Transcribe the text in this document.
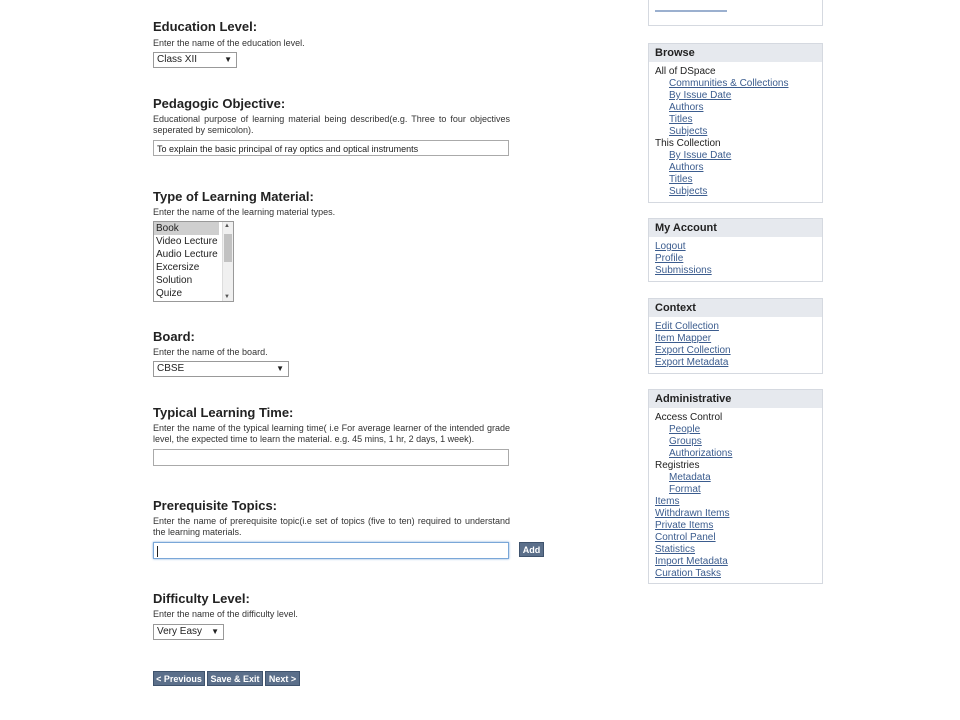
Education Level:
Enter the name of the education level.
Class XII	▼
Pedagogic Objective:
Educational purpose of learning material being described(e.g. Three to four objectives seperated by semicolon).
To explain the basic principal of ray optics and optical instruments
Type of Learning Material:
Enter the name of the learning material types.
Book
Video Lecture
Audio Lecture
Excersize
Solution
Quize
▲
▼
Board:
Enter the name of the board.
CBSE	▼
Typical Learning Time:
Enter the name of the typical learning time( i.e For average learner of the intended grade level, the expected time to learn the material. e.g. 45 mins, 1 hr, 2 days, 1 week).
Prerequisite Topics:
Enter the name of prerequisite topic(i.e set of topics (five to ten) required to understand the learning materials.
Add
Difficulty Level:
Enter the name of the difficulty level.
Very Easy ▼
< Previous Save & Exit	Next >
Browse
All of DSpace
Communities & Collections
By Issue Date
Authors
Titles
Subjects
This Collection
By Issue Date
Authors
Titles
Subjects
My Account
Logout
Profile
Submissions
Context
Edit Collection
Item Mapper
Export Collection
Export Metadata
Administrative
Access Control
People
Groups
Authorizations
Registries
Metadata
Format
Items
Withdrawn Items
Private Items
Control Panel
Statistics
Import Metadata
Curation Tasks
